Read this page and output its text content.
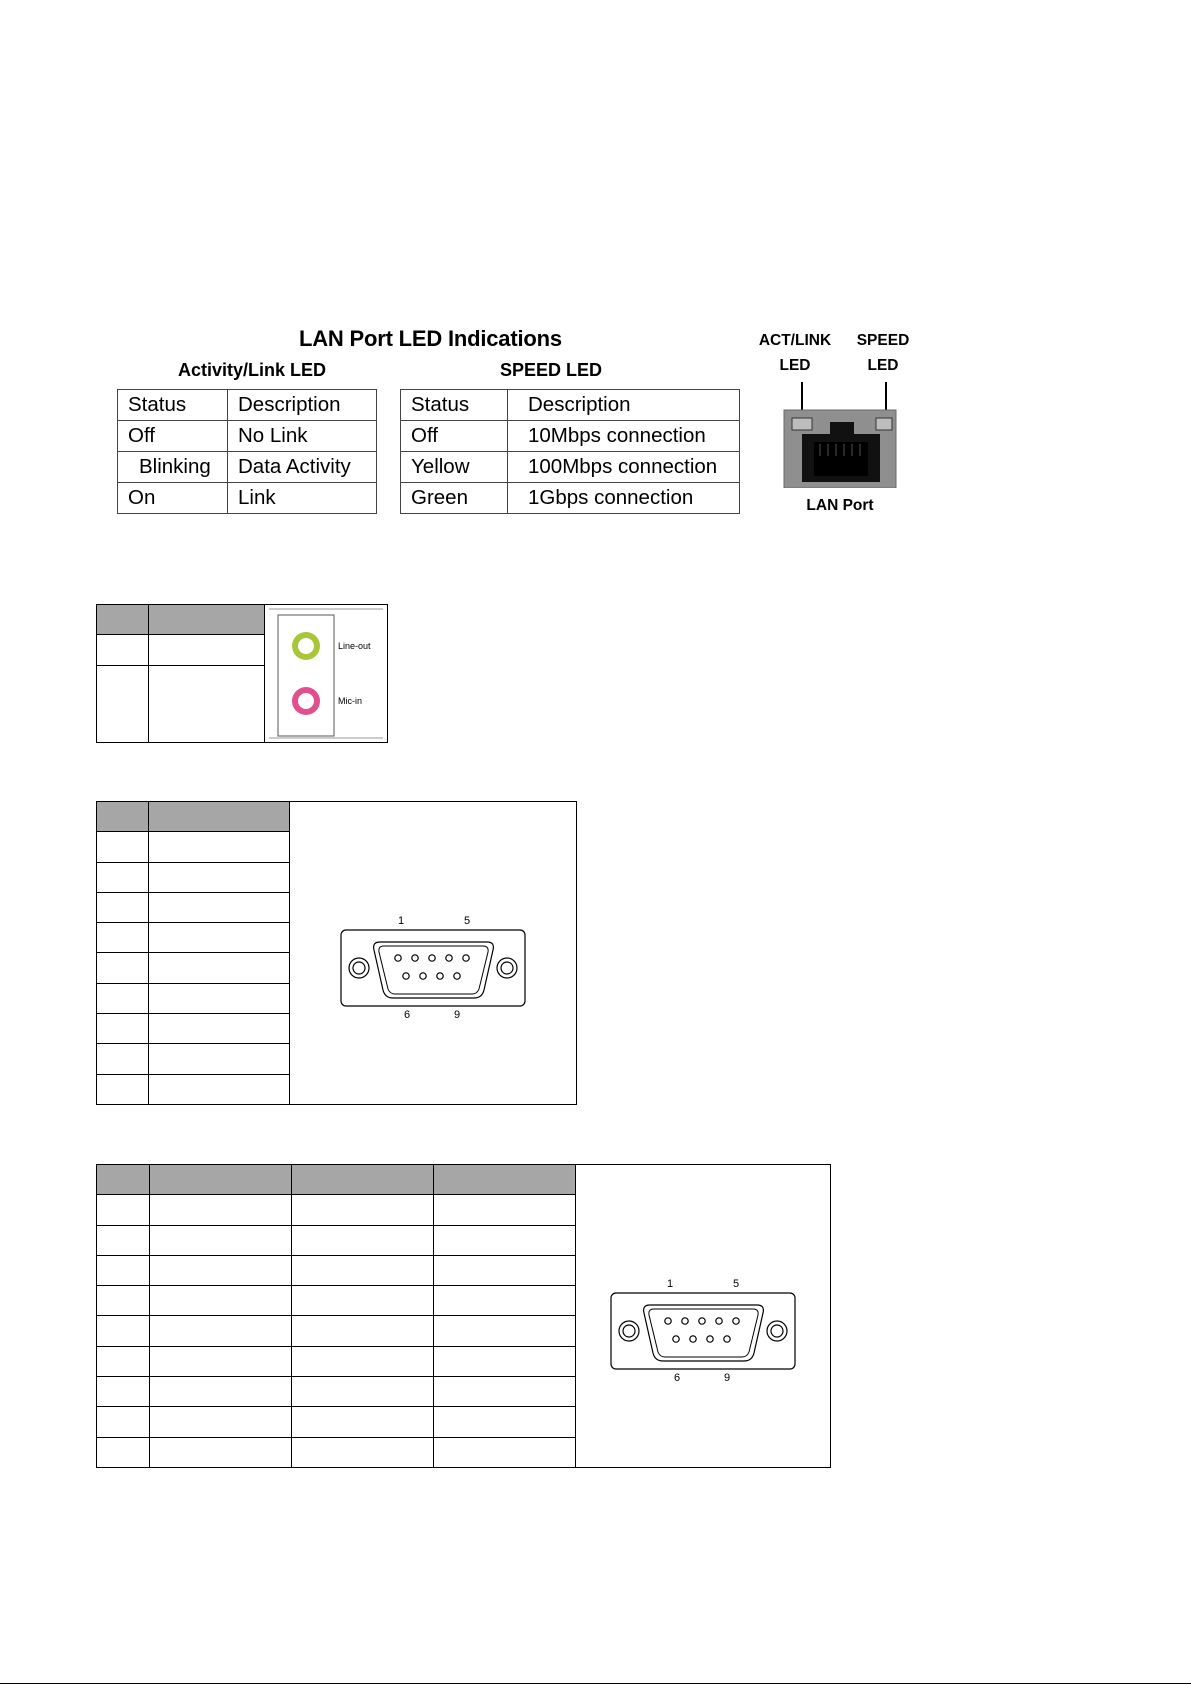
LAN Port LED Indications
Activity/Link LED	SPEED LED
Status	Description
Off	No Link
Blinking	Data Activity
On	Link
Status	Description
Off	10Mbps connection
Yellow	100Mbps connection
Green	1Gbps connection
ACT/LINK
LED
SPEED
LED
LAN Port

Line-out
Mic-in

1 5
6 9

1 5
6 9
